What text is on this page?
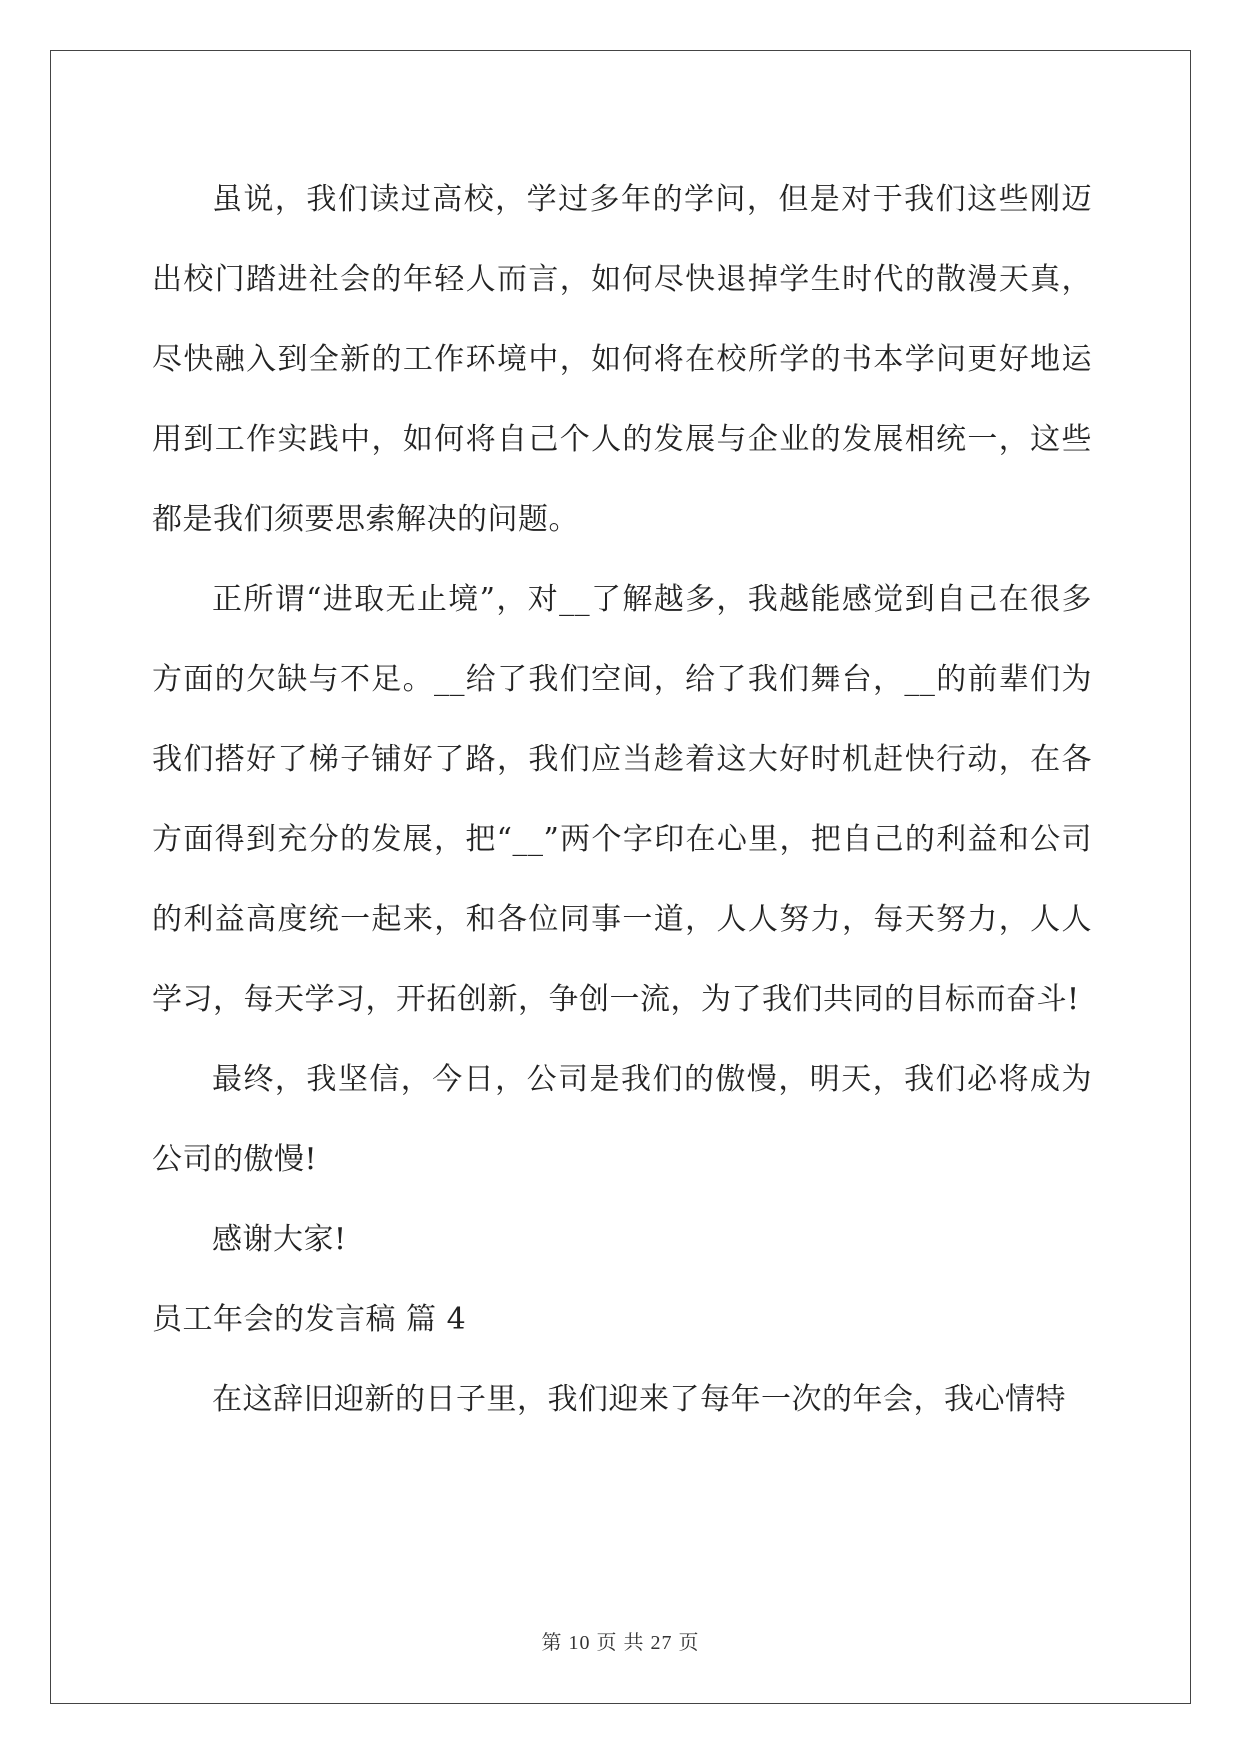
虽说，我们读过高校，学过多年的学问，但是对于我们这些刚迈出校门踏进社会的年轻人而言，如何尽快退掉学生时代的散漫天真，尽快融入到全新的工作环境中，如何将在校所学的书本学问更好地运用到工作实践中，如何将自己个人的发展与企业的发展相统一，这些都是我们须要思索解决的问题。

正所谓“进取无止境”，对__了解越多，我越能感觉到自己在很多方面的欠缺与不足。__给了我们空间，给了我们舞台，__的前辈们为我们搭好了梯子铺好了路，我们应当趁着这大好时机赶快行动，在各方面得到充分的发展，把“__”两个字印在心里，把自己的利益和公司的利益高度统一起来，和各位同事一道，人人努力，每天努力，人人学习，每天学习，开拓创新，争创一流，为了我们共同的目标而奋斗!

最终，我坚信，今日，公司是我们的傲慢，明天，我们必将成为公司的傲慢!

感谢大家!

员工年会的发言稿 篇 4

在这辞旧迎新的日子里，我们迎来了每年一次的年会，我心情特

第 10 页 共 27 页
